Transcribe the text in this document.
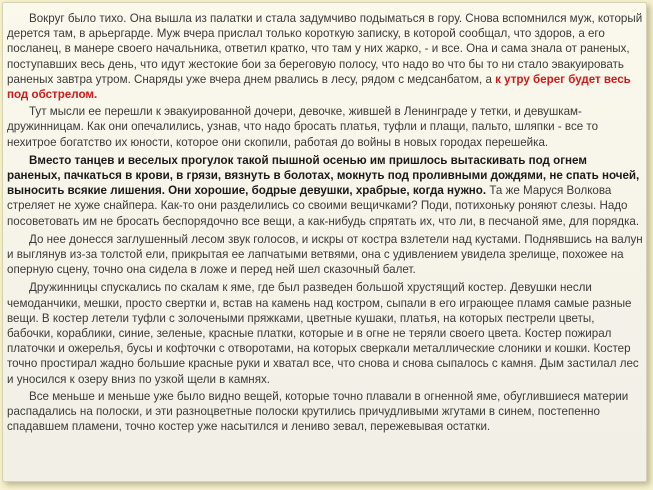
Вокруг было тихо. Она вышла из палатки и стала задумчиво подыматься в гору. Снова вспомнился муж, который дерется там, в арьергарде. Муж вчера прислал только короткую записку, в которой сообщал, что здоров, а его посланец, в манере своего начальника, ответил кратко, что там у них жарко, - и все. Она и сама знала от раненых, поступавших весь день, что идут жестокие бои за береговую полосу, что надо во что бы то ни стало эвакуировать раненых завтра утром. Снаряды уже вчера днем рвались в лесу, рядом с медсанбатом, а к утру берег будет весь под обстрелом.

Тут мысли ее перешли к эвакуированной дочери, девочке, жившей в Ленинграде у тетки, и девушкам-дружинницам. Как они опечалились, узнав, что надо бросать платья, туфли и плащи, пальто, шляпки - все то нехитрое богатство их юности, которое они скопили, работая до войны в новых городах перешейка.

Вместо танцев и веселых прогулок такой пышной осенью им пришлось вытаскивать под огнем раненых, пачкаться в крови, в грязи, вязнуть в болотах, мокнуть под проливными дождями, не спать ночей, выносить всякие лишения. Они хорошие, бодрые девушки, храбрые, когда нужно. Та же Маруся Волкова стреляет не хуже снайпера. Как-то они разделились со своими вещичками? Поди, потихоньку роняют слезы. Надо посоветовать им не бросать беспорядочно все вещи, а как-нибудь спрятать их, что ли, в песчаной яме, для порядка.

До нее донесся заглушенный лесом звук голосов, и искры от костра взлетели над кустами. Поднявшись на валун и выглянув из-за толстой ели, прикрытая ее лапчатыми ветвями, она с удивлением увидела зрелище, похожее на оперную сцену, точно она сидела в ложе и перед ней шел сказочный балет.

Дружинницы спускались по скалам к яме, где был разведен большой хрустящий костер. Девушки несли чемоданчики, мешки, просто свертки и, встав на камень над костром, сыпали в его играющее пламя самые разные вещи. В костер летели туфли с золочеными пряжками, цветные кушаки, платья, на которых пестрели цветы, бабочки, кораблики, синие, зеленые, красные платки, которые и в огне не теряли своего цвета. Костер пожирал платочки и ожерелья, бусы и кофточки с отворотами, на которых сверкали металлические слоники и кошки. Костер точно простирал жадно большие красные руки и хватал все, что снова и снова сыпалось с камня. Дым застилал лес и уносился к озеру вниз по узкой щели в камнях.

Все меньше и меньше уже было видно вещей, которые точно плавали в огненной яме, обуглившиеся материи распадались на полоски, и эти разноцветные полоски крутились причудливыми жгутами в синем, постепенно спадавшем пламени, точно костер уже насытился и лениво зевал, пережевывая остатки.
